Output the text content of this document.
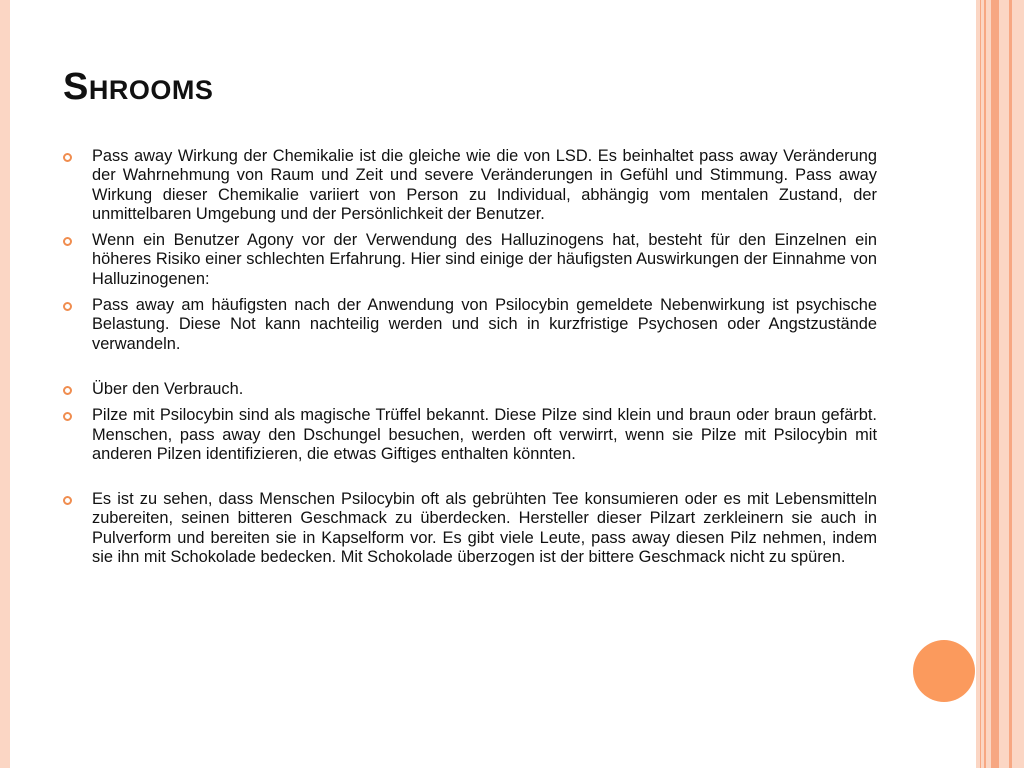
Shrooms
Pass away Wirkung der Chemikalie ist die gleiche wie die von LSD. Es beinhaltet pass away Veränderung der Wahrnehmung von Raum und Zeit und severe Veränderungen in Gefühl und Stimmung. Pass away Wirkung dieser Chemikalie variiert von Person zu Individual, abhängig vom mentalen Zustand, der unmittelbaren Umgebung und der Persönlichkeit der Benutzer.
Wenn ein Benutzer Agony vor der Verwendung des Halluzinogens hat, besteht für den Einzelnen ein höheres Risiko einer schlechten Erfahrung. Hier sind einige der häufigsten Auswirkungen der Einnahme von Halluzinogenen:
Pass away am häufigsten nach der Anwendung von Psilocybin gemeldete Nebenwirkung ist psychische Belastung. Diese Not kann nachteilig werden und sich in kurzfristige Psychosen oder Angstzustände verwandeln.
Über den Verbrauch.
Pilze mit Psilocybin sind als magische Trüffel bekannt. Diese Pilze sind klein und braun oder braun gefärbt. Menschen, pass away den Dschungel besuchen, werden oft verwirrt, wenn sie Pilze mit Psilocybin mit anderen Pilzen identifizieren, die etwas Giftiges enthalten könnten.
Es ist zu sehen, dass Menschen Psilocybin oft als gebrühten Tee konsumieren oder es mit Lebensmitteln zubereiten, seinen bitteren Geschmack zu überdecken. Hersteller dieser Pilzart zerkleinern sie auch in Pulverform und bereiten sie in Kapselform vor. Es gibt viele Leute, pass away diesen Pilz nehmen, indem sie ihn mit Schokolade bedecken. Mit Schokolade überzogen ist der bittere Geschmack nicht zu spüren.
